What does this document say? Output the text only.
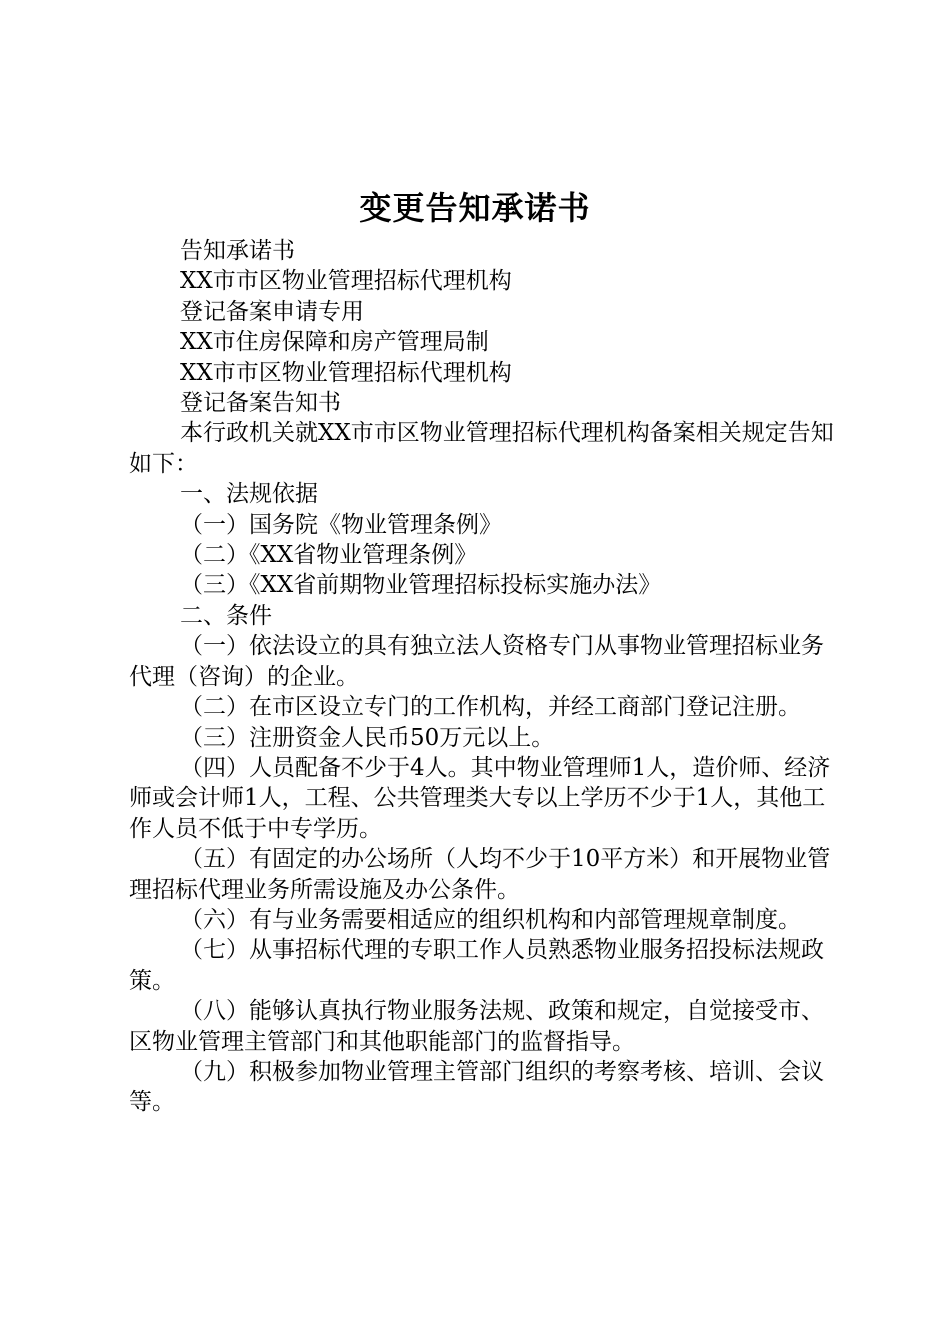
变更告知承诺书

告知承诺书

XX市市区物业管理招标代理机构

登记备案申请专用

XX市住房保障和房产管理局制

XX市市区物业管理招标代理机构

登记备案告知书

本行政机关就XX市市区物业管理招标代理机构备案相关规定告知如下：

一、法规依据

（一）国务院《物业管理条例》

（二）《XX省物业管理条例》

（三）《XX省前期物业管理招标投标实施办法》

二、条件

（一）依法设立的具有独立法人资格专门从事物业管理招标业务代理（咨询）的企业。

（二）在市区设立专门的工作机构，并经工商部门登记注册。

（三）注册资金人民币50万元以上。

（四）人员配备不少于4人。其中物业管理师1人，造价师、经济师或会计师1人，工程、公共管理类大专以上学历不少于1人，其他工作人员不低于中专学历。

（五）有固定的办公场所（人均不少于10平方米）和开展物业管理招标代理业务所需设施及办公条件。

（六）有与业务需要相适应的组织机构和内部管理规章制度。

（七）从事招标代理的专职工作人员熟悉物业服务招投标法规政策。

（八）能够认真执行物业服务法规、政策和规定，自觉接受市、区物业管理主管部门和其他职能部门的监督指导。

（九）积极参加物业管理主管部门组织的考察考核、培训、会议等。
